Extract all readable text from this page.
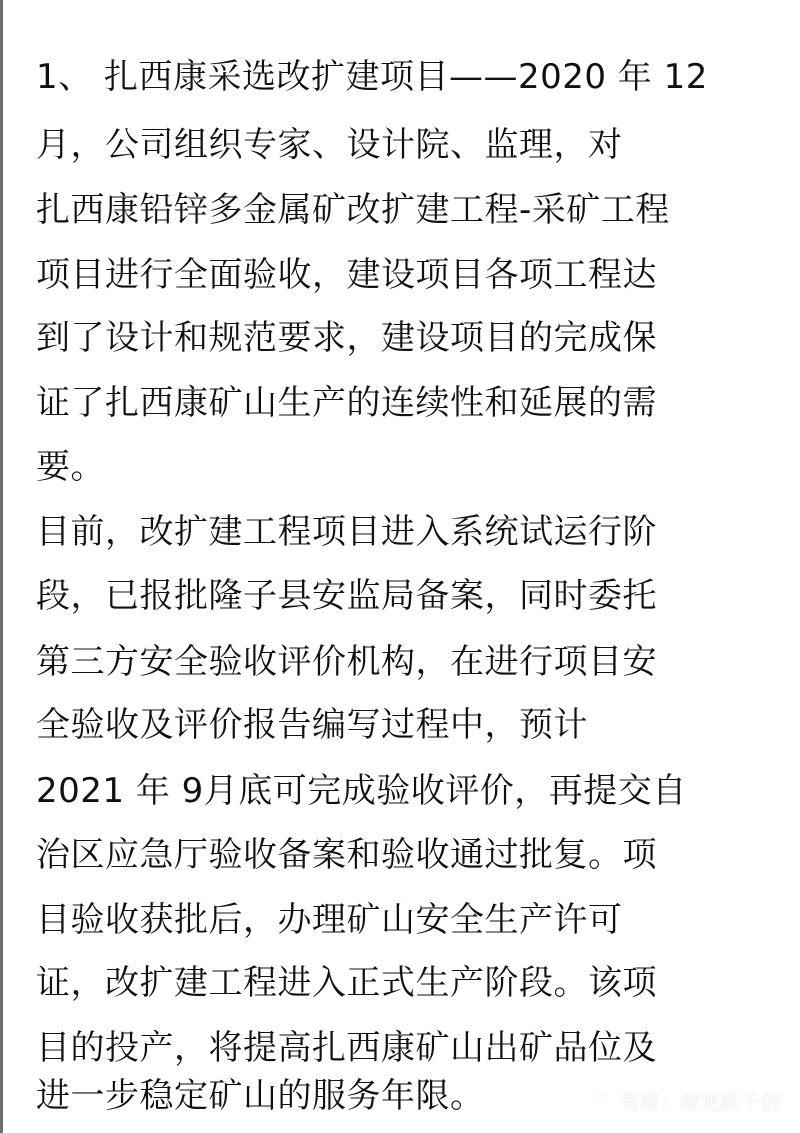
1、 扎西康采选改扩建项目——2020 年 12
月，公司组织专家、设计院、监理，对
扎西康铅锌多金属矿改扩建工程-采矿工程
项目进行全面验收，建设项目各项工程达
到了设计和规范要求，建设项目的完成保
证了扎西康矿山生产的连续性和延展的需
要。
目前，改扩建工程项目进入系统试运行阶
段，已报批隆子县安监局备案，同时委托
第三方安全验收评价机构，在进行项目安
全验收及评价报告编写过程中，预计
2021 年 9月底可完成验收评价，再提交自
治区应急厅验收备案和验收通过批复。项
目验收获批后，办理矿山安全生产许可
证，改扩建工程进入正式生产阶段。该项
目的投产，将提高扎西康矿山出矿品位及
进一步稳定矿山的服务年限。	⌒ 雪球：潜龙跃千仞
